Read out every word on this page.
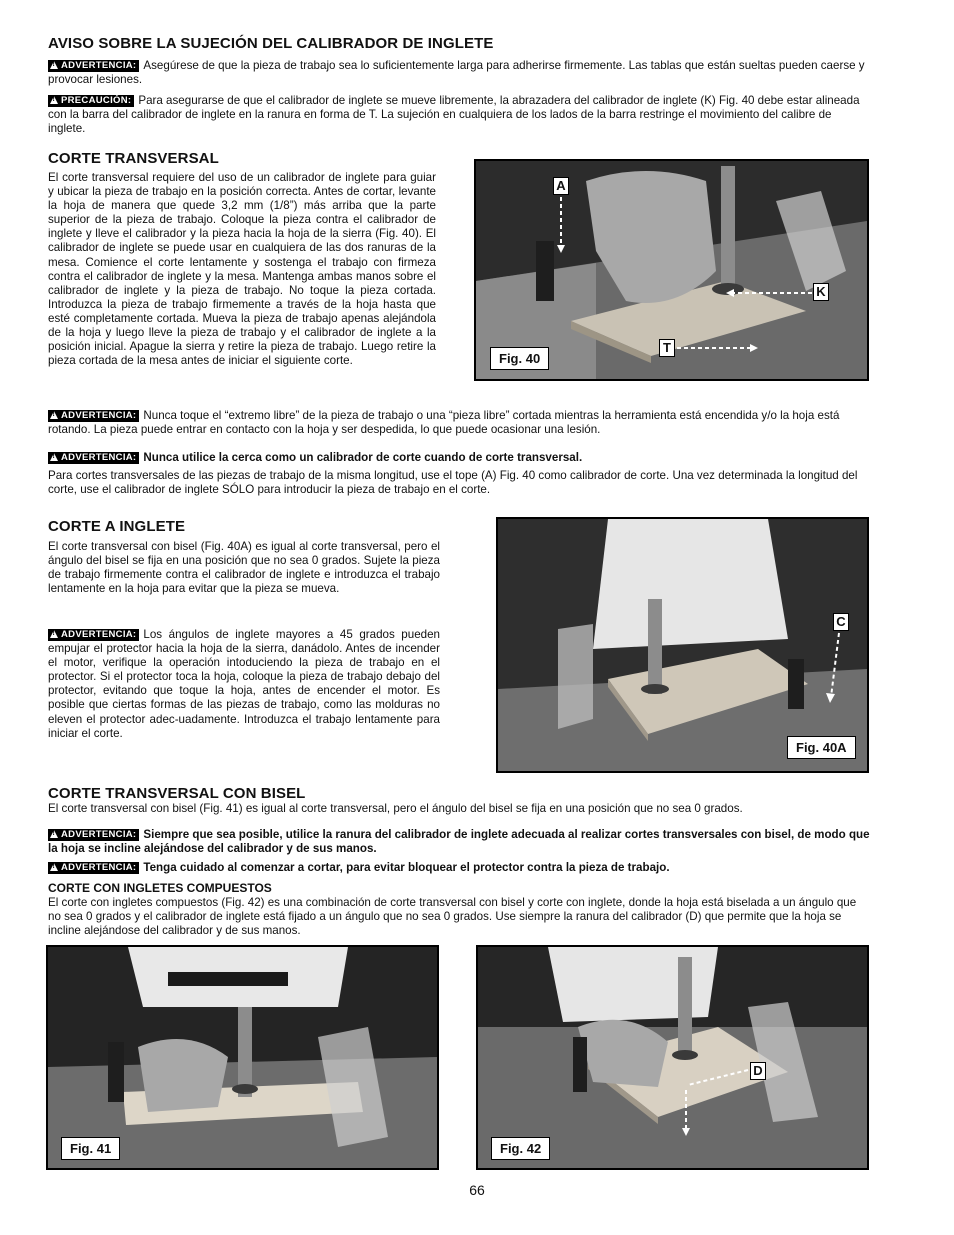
AVISO SOBRE LA SUJECIÓN DEL CALIBRADOR DE INGLETE

!ADVERTENCIA: Asegúrese de que la pieza de trabajo sea lo suficientemente larga para adherirse firmemente. Las tablas que están sueltas pueden caerse y provocar lesiones.

!PRECAUCIÓN: Para asegurarse de que el calibrador de inglete se mueve libremente, la abrazadera del calibrador de inglete (K) Fig. 40 debe estar alineada con la barra del calibrador de inglete en la ranura en forma de T. La sujeción en cualquiera de los lados de la barra restringe el movimiento del calibre de inglete.

CORTE TRANSVERSAL

El corte transversal requiere del uso de un calibrador de inglete para guiar y ubicar la pieza de trabajo en la posición correcta. Antes de cortar, levante la hoja de manera que quede 3,2 mm (1/8”) más arriba que la parte superior de la pieza de trabajo. Coloque la pieza contra el calibrador de inglete y lleve el calibrador y la pieza hacia la hoja de la sierra (Fig. 40). El calibrador de inglete se puede usar en cualquiera de las dos ranuras de la mesa. Comience el corte lentamente y sostenga el trabajo con firmeza contra el calibrador de inglete y la mesa. Mantenga ambas manos sobre el calibrador de inglete y la pieza de trabajo. No toque la pieza cortada. Introduzca la pieza de trabajo firmemente a través de la hoja hasta que esté completamente cortada. Mueva la pieza de trabajo apenas alejándola de la hoja y luego lleve la pieza de trabajo y el calibrador de inglete a la posición inicial. Apague la sierra y retire la pieza de trabajo. Luego retire la pieza cortada de la mesa antes de iniciar el siguiente corte.

A
K
T
Fig. 40

!ADVERTENCIA: Nunca toque el “extremo libre” de la pieza de trabajo o una “pieza libre” cortada mientras la herramienta está encendida y/o la hoja está rotando. La pieza puede entrar en contacto con la hoja y ser despedida, lo que puede ocasionar una lesión.

!ADVERTENCIA: Nunca utilice la cerca como un calibrador de corte cuando de corte transversal.

Para cortes transversales de las piezas de trabajo de la misma longitud, use el tope (A) Fig. 40 como calibrador de corte. Una vez determinada la longitud del corte, use el calibrador de inglete SÓLO para introducir la pieza de trabajo en el corte.

CORTE A INGLETE

El corte transversal con bisel (Fig. 40A) es igual al corte transversal, pero el ángulo del bisel se fija en una posición que no sea 0 grados. Sujete la pieza de trabajo firmemente contra el calibrador de inglete e introduzca el trabajo lentamente en la hoja para evitar que la pieza se mueva.

!ADVERTENCIA: Los ángulos de inglete mayores a 45 grados pueden empujar el protector hacia la hoja de la sierra, danádolo. Antes de incender el motor, verifique la operación intoduciendo la pieza de trabajo en el protector. Si el protector toca la hoja, coloque la pieza de trabajo debajo del protector, evitando que toque la hoja, antes de encender el motor. Es posible que ciertas formas de las piezas de trabajo, como las molduras no eleven el protector adec-uadamente. Introduzca el trabajo lentamente para iniciar el corte.

C
Fig. 40A
CORTE TRANSVERSAL CON BISEL

El corte transversal con bisel (Fig. 41) es igual al corte transversal, pero el ángulo del bisel se fija en una posición que no sea 0 grados.

!ADVERTENCIA: Siempre que sea posible, utilice la ranura del calibrador de inglete adecuada al realizar cortes transversales con bisel, de modo que la hoja se incline alejándose del calibrador y de sus manos.

!ADVERTENCIA: Tenga cuidado al comenzar a cortar, para evitar bloquear el protector contra la pieza de trabajo.

CORTE CON INGLETES COMPUESTOS

El corte con ingletes compuestos (Fig. 42) es una combinación de corte transversal con bisel y corte con inglete, donde la hoja está biselada a un ángulo que no sea 0 grados y el calibrador de inglete está fijado a un ángulo que no sea 0 grados. Use siempre la ranura del calibrador (D) que permite que la hoja se incline alejándose del calibrador y de sus manos.

Fig. 41
D
Fig. 42
66
